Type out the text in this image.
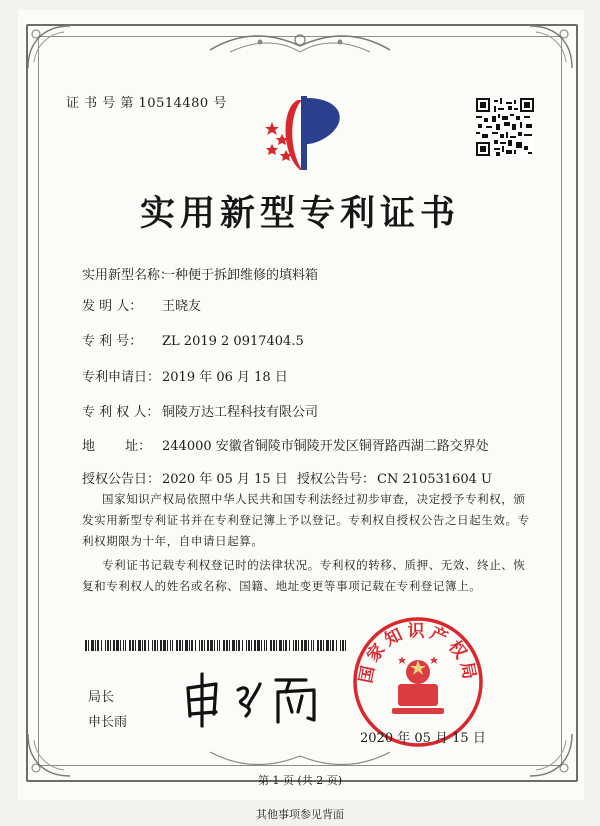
证 书 号 第 10514480 号
实用新型专利证书
实用新型名称：一种便于拆卸维修的填料箱
发 明 人： 王晓友
专 利 号： ZL 2019 2 0917404.5
专利申请日： 2019 年 06 月 18 日
专 利 权 人： 铜陵万达工程科技有限公司
地　　 址： 244000 安徽省铜陵市铜陵开发区铜胥路西湖二路交界处
授权公告日： 2020 年 05 月 15 日 授权公告号： CN 210531604 U
国家知识产权局依照中华人民共和国专利法经过初步审查，决定授予专利权，颁发实用新型专利证书并在专利登记簿上予以登记。专利权自授权公告之日起生效。专利权期限为十年，自申请日起算。
专利证书记载专利权登记时的法律状况。专利权的转移、质押、无效、终止、恢复和专利权人的姓名或名称、国籍、地址变更等事项记载在专利登记簿上。
局长
申长雨
国家知识产权局
2020 年 05 月 15 日
第 1 页 (共 2 页)
其他事项参见背面
